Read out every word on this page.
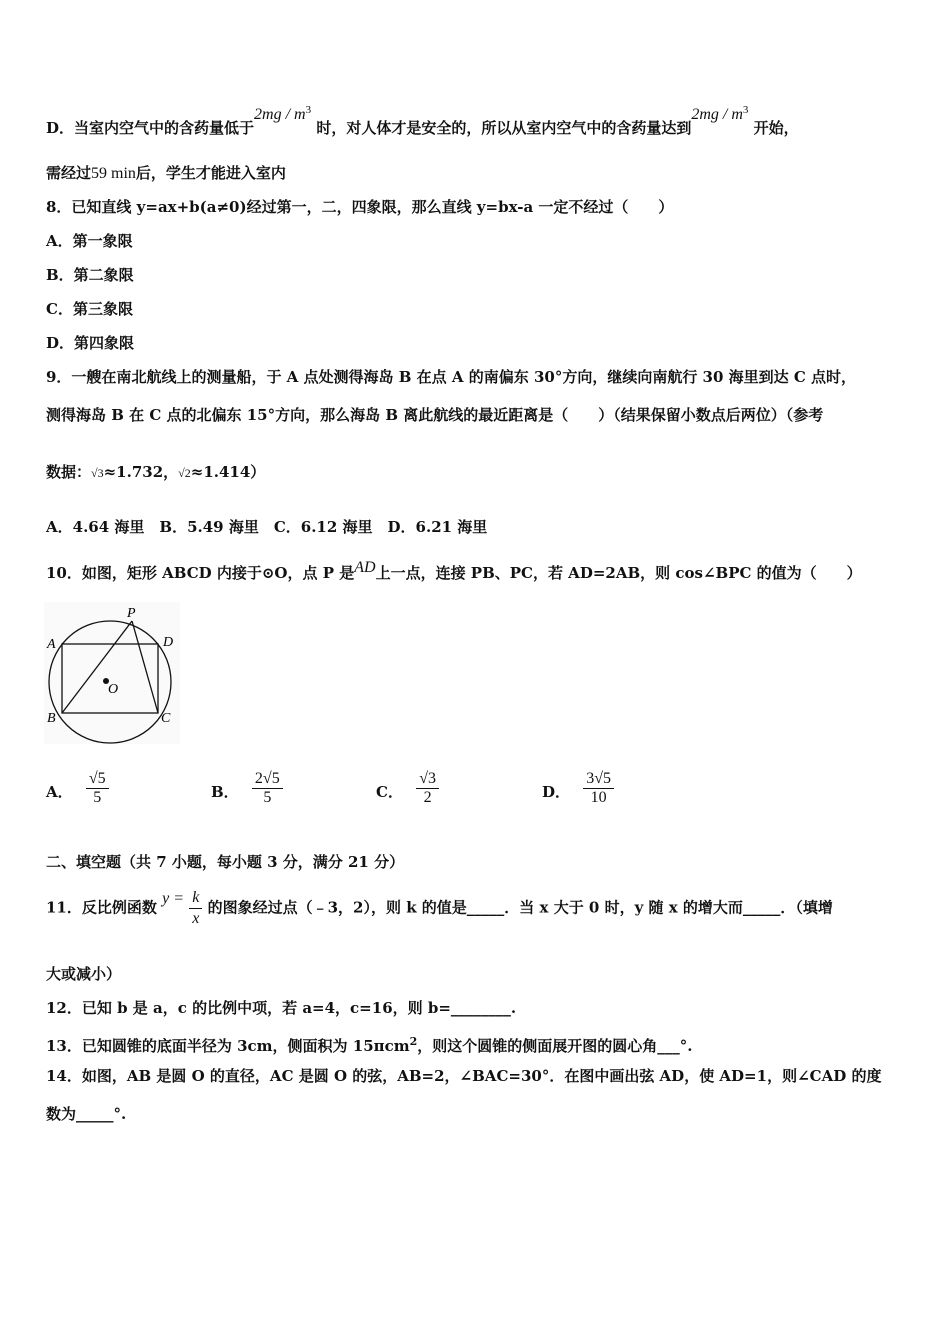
D．当室内空气中的含药量低于$2mg / m^3$ 时，对人体才是安全的，所以从室内空气中的含药量达到$2mg / m^3$ 开始，
需经过59 min后，学生才能进入室内
8．已知直线 y=ax+b(a≠0)经过第一，二，四象限，那么直线 y=bx-a 一定不经过（　　）
A．第一象限
B．第二象限
C．第三象限
D．第四象限
9．一艘在南北航线上的测量船，于 A 点处测得海岛 B 在点 A 的南偏东 30°方向，继续向南航行 30 海里到达 C 点时，
测得海岛 B 在 C 点的北偏东 15°方向，那么海岛 B 离此航线的最近距离是（　　）（结果保留小数点后两位）（参考
数据：√3≈1.732，√2≈1.414）
A．4.64 海里　B．5.49 海里　C．6.12 海里　D．6.21 海里
10．如图，矩形 ABCD 内接于⊙O，点 P 是AD上一点，连接 PB、PC，若 AD=2AB，则 cos∠BPC 的值为（　　）
A
B	C
D
P
O
A． $\frac{√5}{5}$	B． $\frac{2√5}{5}$	C． $\frac{√3}{2}$	D． $\frac{3√5}{10}$
二、填空题（共 7 小题，每小题 3 分，满分 21 分）
11．反比例函数 $y = \frac{k}{x}$ 的图象经过点（﹣3，2），则 k 的值是_____．当 x 大于 0 时，y 随 x 的增大而_____．（填增
大或减小）
12．已知 b 是 a，c 的比例中项，若 a=4，c=16，则 b=________.
13．已知圆锥的底面半径为 3cm，侧面积为 15πcm$^2$，则这个圆锥的侧面展开图的圆心角___°.
14．如图，AB 是圆 O 的直径，AC 是圆 O 的弦，AB=2，∠BAC=30°．在图中画出弦 AD，使 AD=1，则∠CAD 的度
数为_____°.
